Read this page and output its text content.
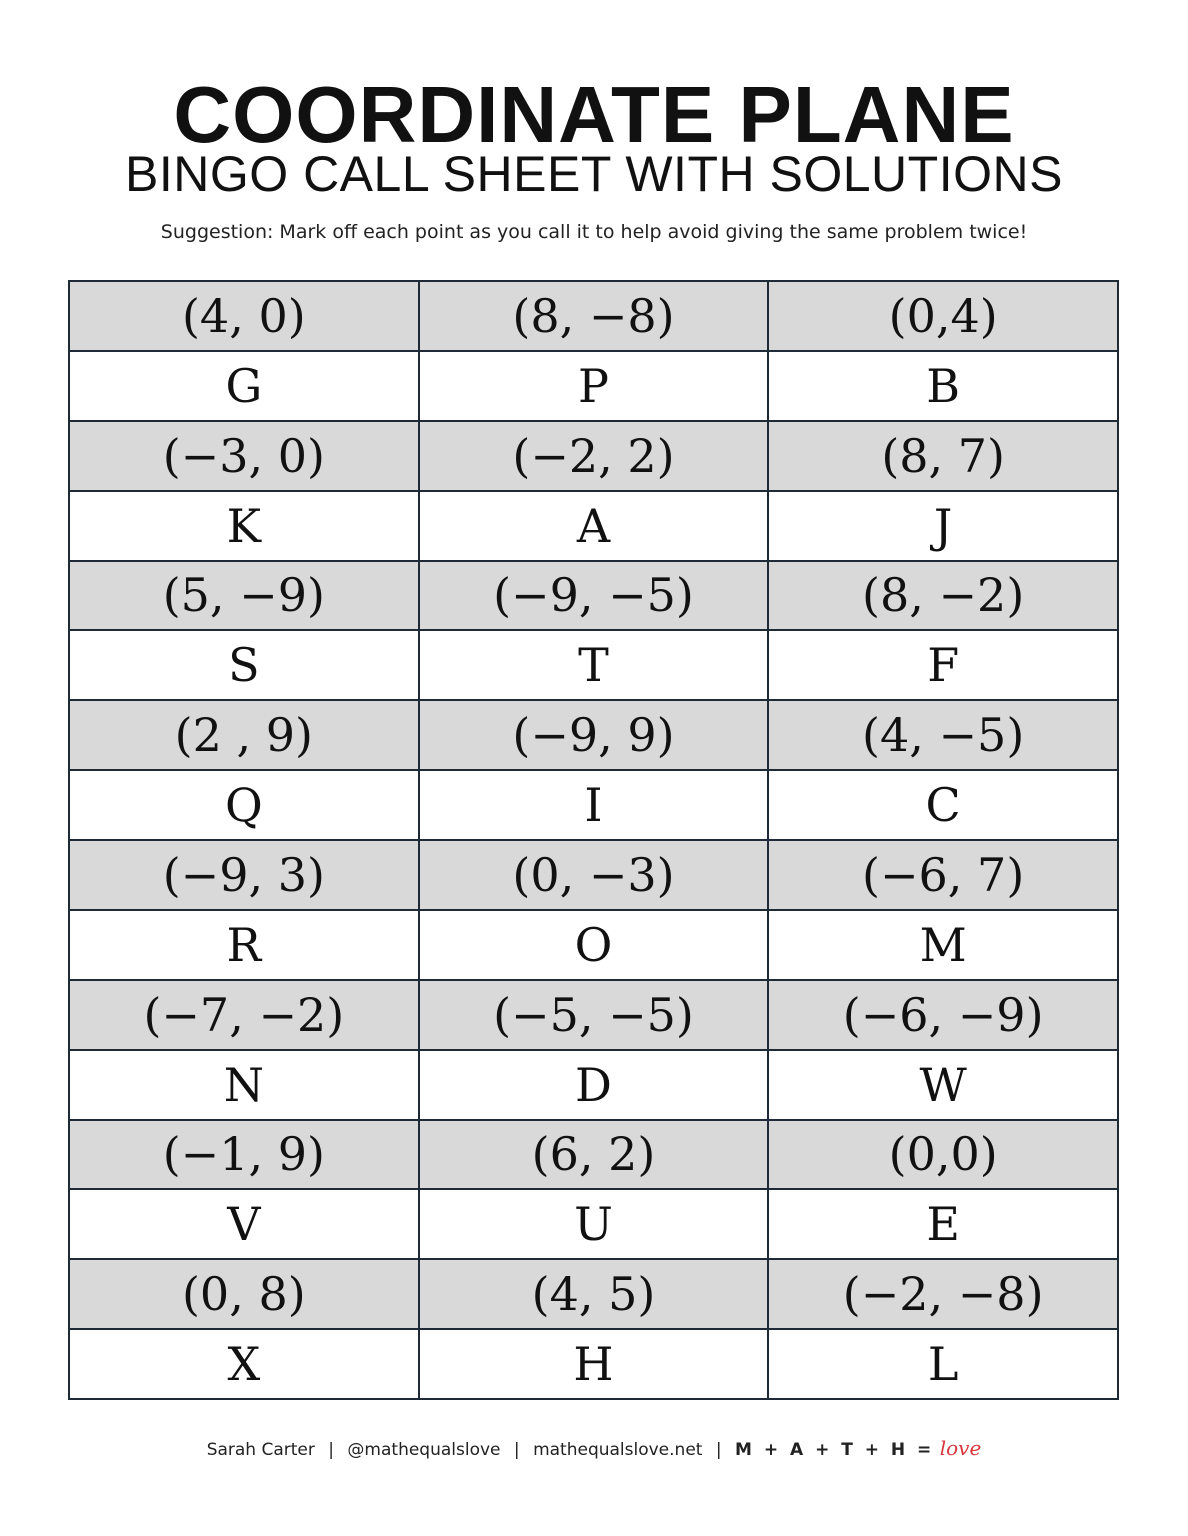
COORDINATE PLANE
BINGO CALL SHEET WITH SOLUTIONS
Suggestion: Mark off each point as you call it to help avoid giving the same problem twice!
(4, 0)	(8, −8)	(0,4)
G	P	B
(−3, 0)	(−2, 2)	(8, 7)
K	A	J
(5, −9)	(−9, −5)	(8, −2)
S	T	F
(2 , 9)	(−9, 9)	(4, −5)
Q	I	C
(−9, 3)	(0, −3)	(−6, 7)
R	O	M
(−7, −2)	(−5, −5)	(−6, −9)
N	D	W
(−1, 9)	(6, 2)	(0,0)
V	U	E
(0, 8)	(4, 5)	(−2, −8)
X	H	L
Sarah Carter | @mathequalslove | mathequalslove.net | M + A + T + H = love
